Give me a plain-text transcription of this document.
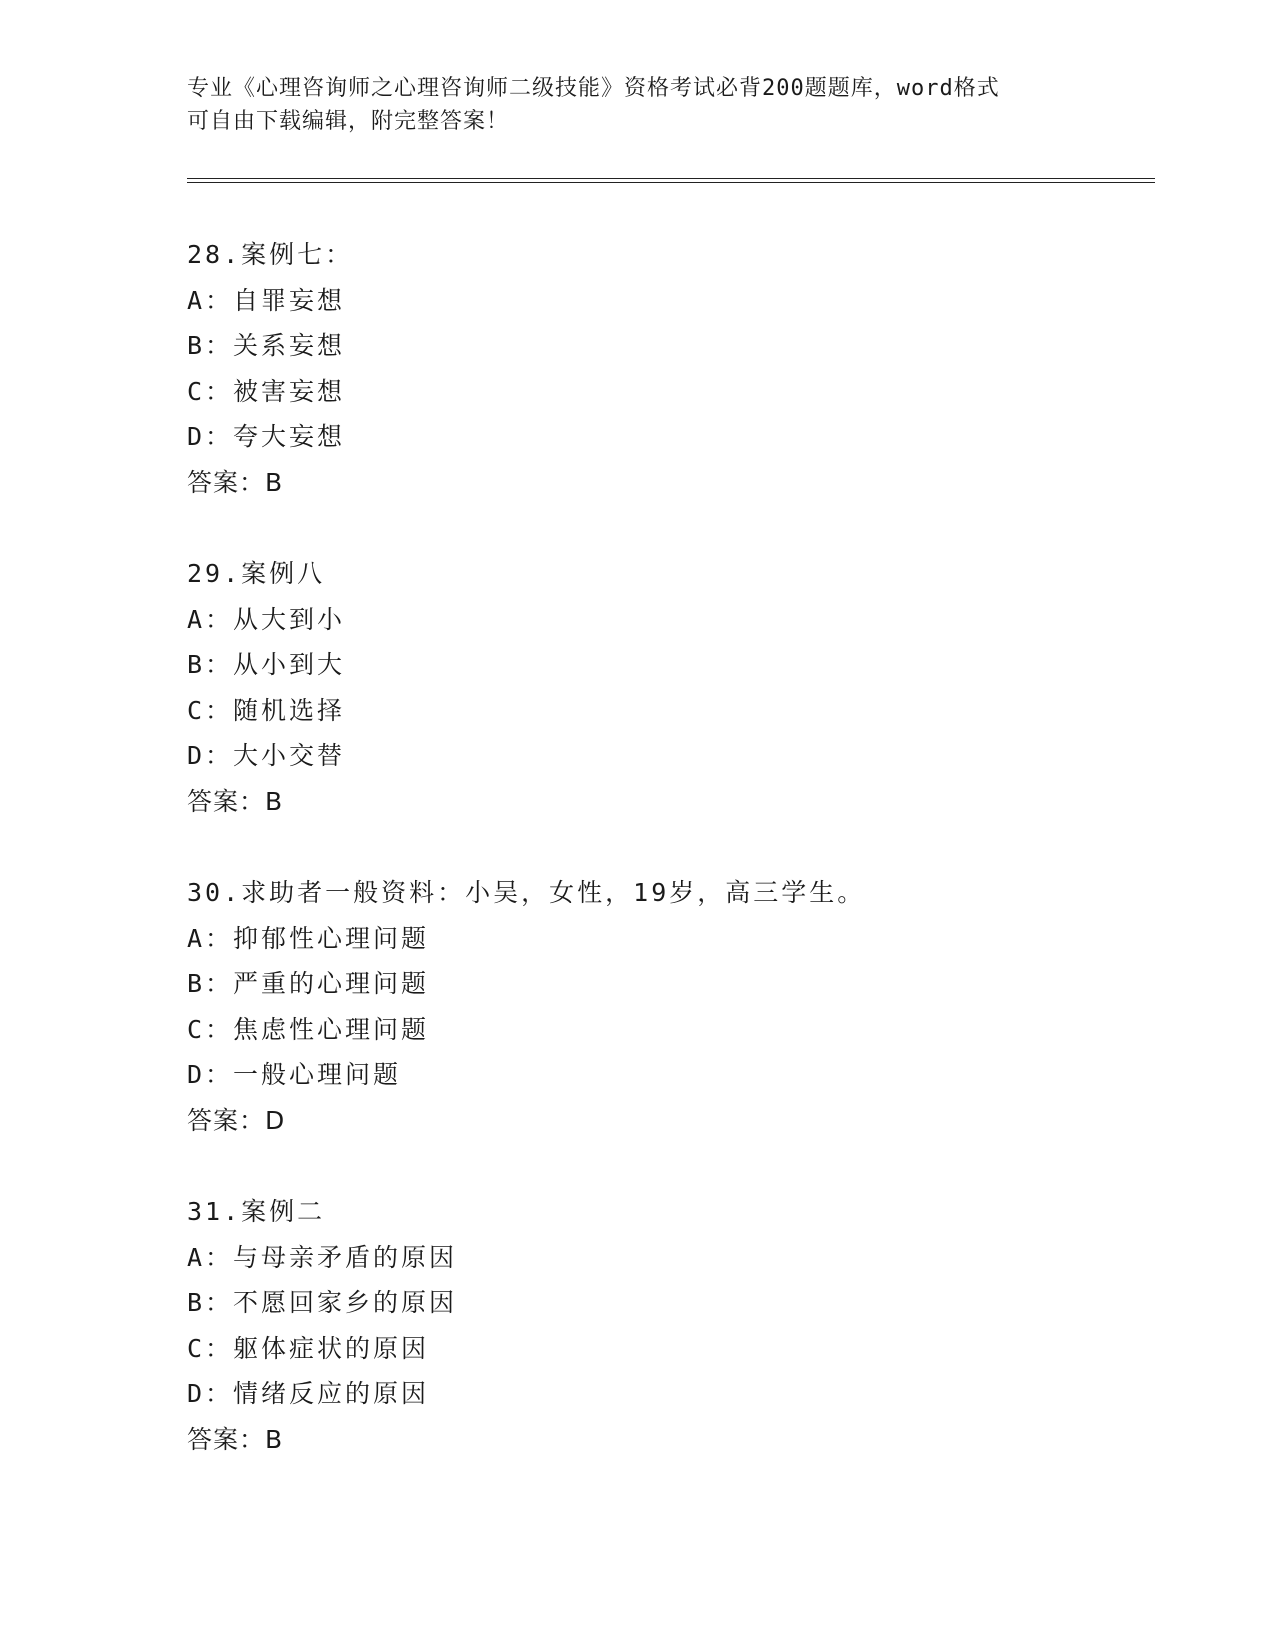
专业《心理咨询师之心理咨询师二级技能》资格考试必背200题题库，word格式
可自由下载编辑，附完整答案！
28.案例七：
A：自罪妄想
B：关系妄想
C：被害妄想
D：夸大妄想
答案：B
29.案例八
A：从大到小
B：从小到大
C：随机选择
D：大小交替
答案：B
30.求助者一般资料：小吴，女性，19岁，高三学生。
A：抑郁性心理问题
B：严重的心理问题
C：焦虑性心理问题
D：一般心理问题
答案：D
31.案例二
A：与母亲矛盾的原因
B：不愿回家乡的原因
C：躯体症状的原因
D：情绪反应的原因
答案：B
